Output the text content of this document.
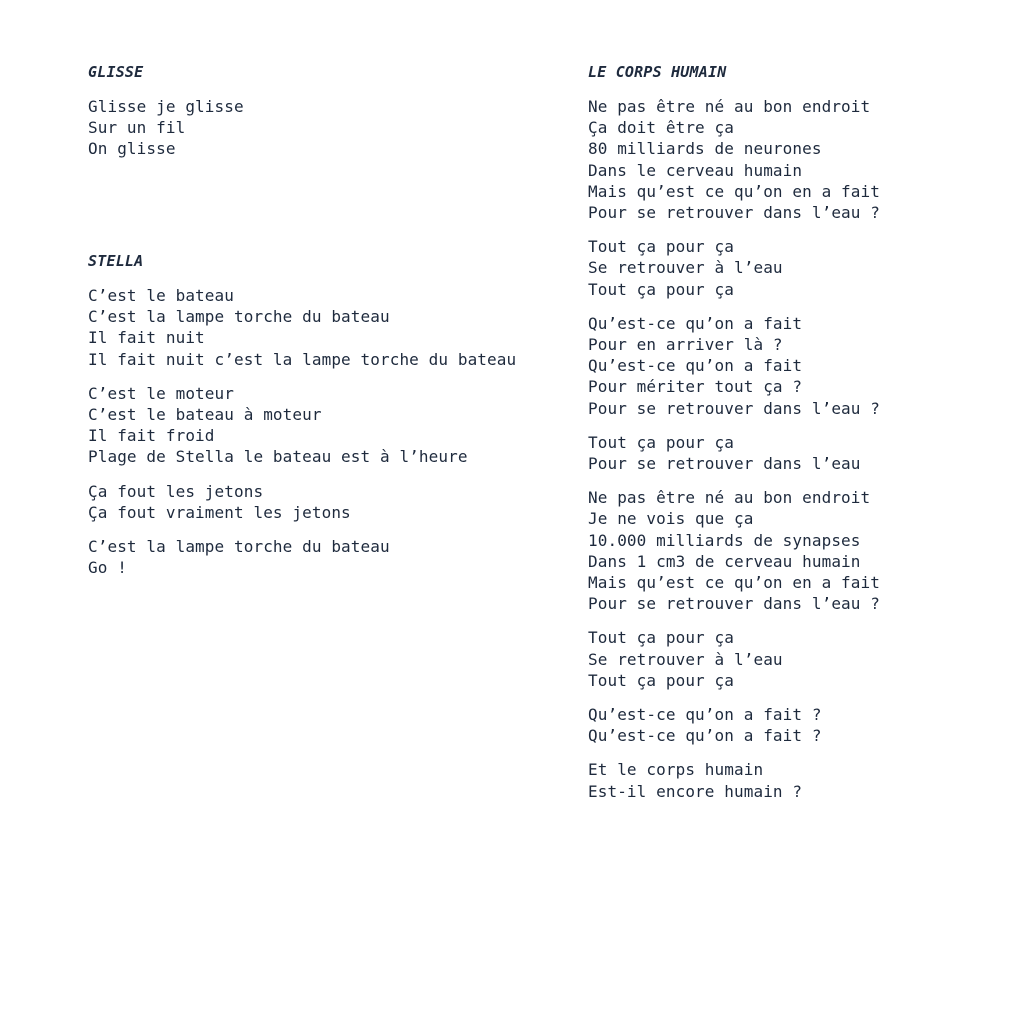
GLISSE
Glisse je glisse
Sur un fil
On glisse
STELLA
C’est le bateau
C’est la lampe torche du bateau
Il fait nuit
Il fait nuit c’est la lampe torche du bateau
C’est le moteur
C’est le bateau à moteur
Il fait froid
Plage de Stella le bateau est à l’heure
Ça fout les jetons
Ça fout vraiment les jetons
C’est la lampe torche du bateau
Go !
LE CORPS HUMAIN
Ne pas être né au bon endroit
Ça doit être ça
80 milliards de neurones
Dans le cerveau humain
Mais qu’est ce qu’on en a fait
Pour se retrouver dans l’eau ?
Tout ça pour ça
Se retrouver à l’eau
Tout ça pour ça
Qu’est-ce qu’on a fait
Pour en arriver là ?
Qu’est-ce qu’on a fait
Pour mériter tout ça ?
Pour se retrouver dans l’eau ?
Tout ça pour ça
Pour se retrouver dans l’eau
Ne pas être né au bon endroit
Je ne vois que ça
10.000 milliards de synapses
Dans 1 cm3 de cerveau humain
Mais qu’est ce qu’on en a fait
Pour se retrouver dans l’eau ?
Tout ça pour ça
Se retrouver à l’eau
Tout ça pour ça
Qu’est-ce qu’on a fait ?
Qu’est-ce qu’on a fait ?
Et le corps humain
Est-il encore humain ?
